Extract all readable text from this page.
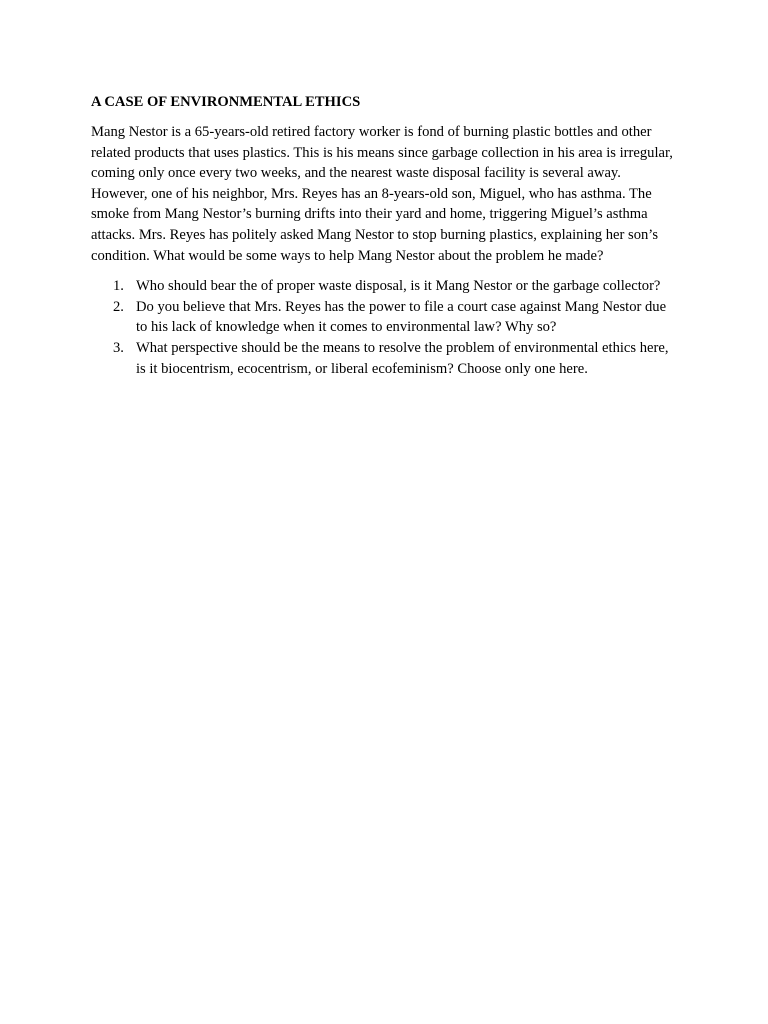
A CASE OF ENVIRONMENTAL ETHICS

Mang Nestor is a 65-years-old retired factory worker is fond of burning plastic bottles and other related products that uses plastics. This is his means since garbage collection in his area is irregular, coming only once every two weeks, and the nearest waste disposal facility is several away. However, one of his neighbor, Mrs. Reyes has an 8-years-old son, Miguel, who has asthma. The smoke from Mang Nestor’s burning drifts into their yard and home, triggering Miguel’s asthma attacks. Mrs. Reyes has politely asked Mang Nestor to stop burning plastics, explaining her son’s condition. What would be some ways to help Mang Nestor about the problem he made?

1. Who should bear the of proper waste disposal, is it Mang Nestor or the garbage collector?
2. Do you believe that Mrs. Reyes has the power to file a court case against Mang Nestor due to his lack of knowledge when it comes to environmental law? Why so?
3. What perspective should be the means to resolve the problem of environmental ethics here, is it biocentrism, ecocentrism, or liberal ecofeminism? Choose only one here.
